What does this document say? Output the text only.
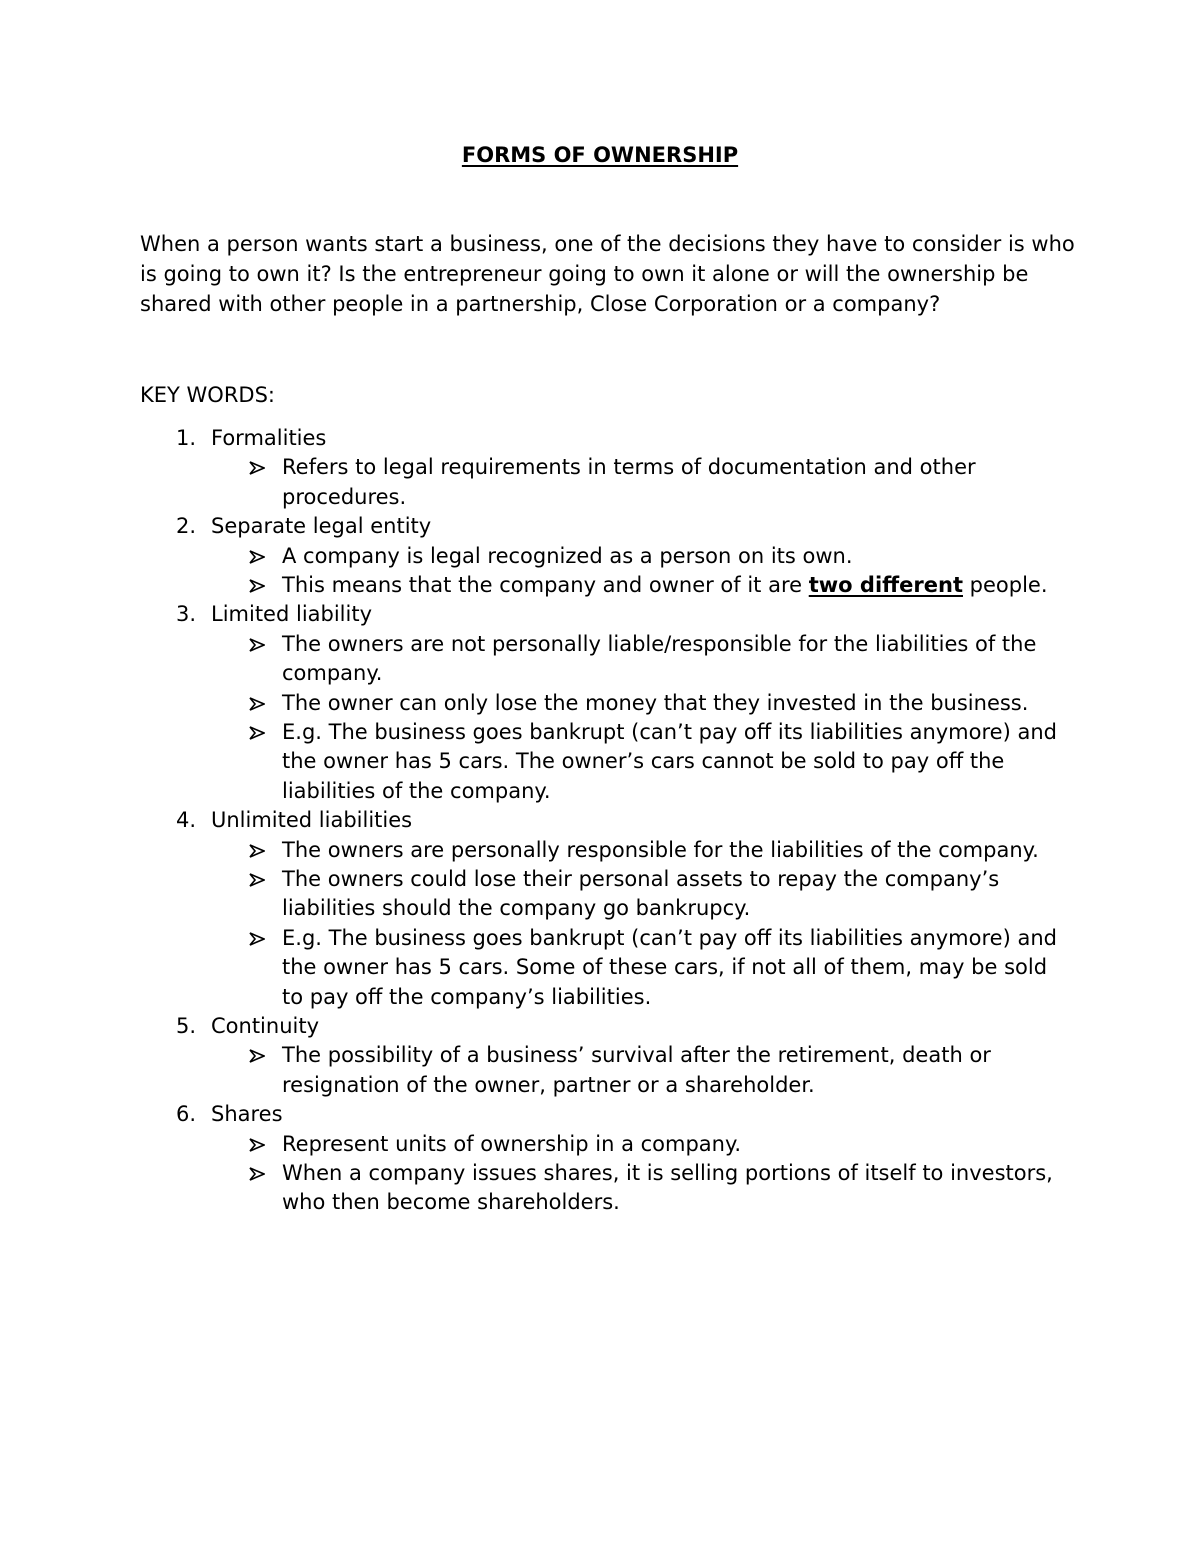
FORMS OF OWNERSHIP

When a person wants start a business, one of the decisions they have to consider is who is going to own it? Is the entrepreneur going to own it alone or will the ownership be shared with other people in a partnership, Close Corporation or a company?

KEY WORDS:
1. Formalities
Refers to legal requirements in terms of documentation and other procedures.
2. Separate legal entity
A company is legal recognized as a person on its own.
This means that the company and owner of it are two different people.
3. Limited liability
The owners are not personally liable/responsible for the liabilities of the company.
The owner can only lose the money that they invested in the business.
E.g. The business goes bankrupt (can’t pay off its liabilities anymore) and the owner has 5 cars. The owner’s cars cannot be sold to pay off the liabilities of the company.
4. Unlimited liabilities
The owners are personally responsible for the liabilities of the company.
The owners could lose their personal assets to repay the company’s liabilities should the company go bankrupcy.
E.g. The business goes bankrupt (can’t pay off its liabilities anymore) and the owner has 5 cars. Some of these cars, if not all of them, may be sold to pay off the company’s liabilities.
5. Continuity
The possibility of a business’ survival after the retirement, death or resignation of the owner, partner or a shareholder.
6. Shares
Represent units of ownership in a company.
When a company issues shares, it is selling portions of itself to investors, who then become shareholders.
